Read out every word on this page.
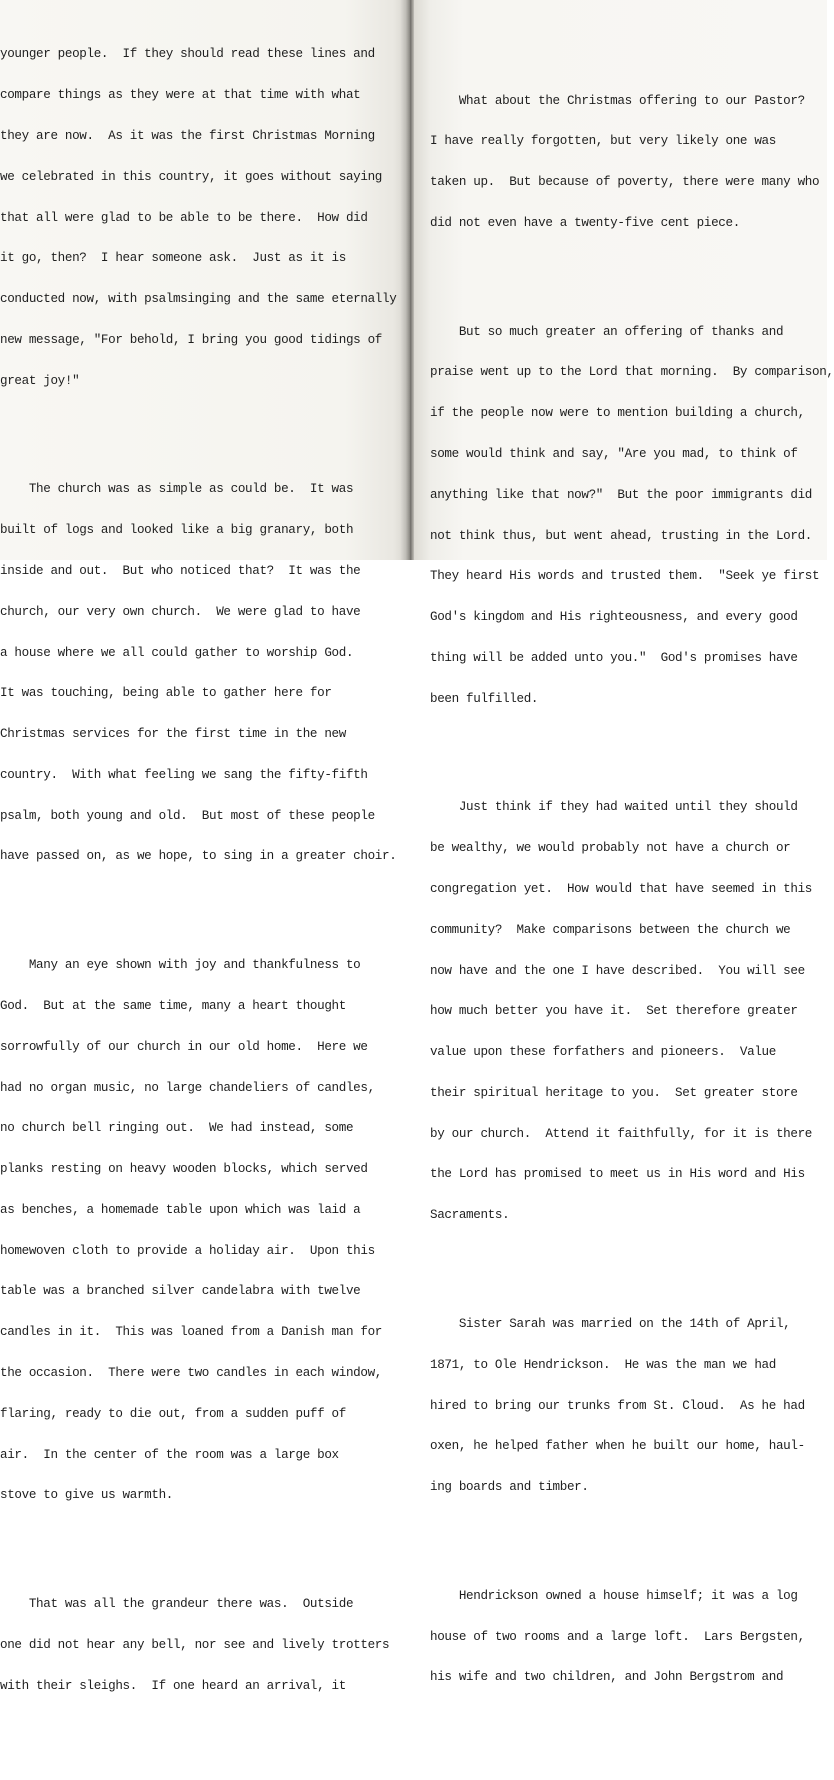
younger people.  If they should read these lines and

compare things as they were at that time with what

they are now.  As it was the first Christmas Morning

we celebrated in this country, it goes without saying

that all were glad to be able to be there.  How did

it go, then?  I hear someone ask.  Just as it is

conducted now, with psalmsinging and the same eternally

new message, "For behold, I bring you good tidings of

great joy!"

The church was as simple as could be.  It was

built of logs and looked like a big granary, both

inside and out.  But who noticed that?  It was the

church, our very own church.  We were glad to have

a house where we all could gather to worship God.

It was touching, being able to gather here for

Christmas services for the first time in the new

country.  With what feeling we sang the fifty-fifth

psalm, both young and old.  But most of these people

have passed on, as we hope, to sing in a greater choir.

Many an eye shown with joy and thankfulness to

God.  But at the same time, many a heart thought

sorrowfully of our church in our old home.  Here we

had no organ music, no large chandeliers of candles,

no church bell ringing out.  We had instead, some

planks resting on heavy wooden blocks, which served

as benches, a homemade table upon which was laid a

homewoven cloth to provide a holiday air.  Upon this

table was a branched silver candelabra with twelve

candles in it.  This was loaned from a Danish man for

the occasion.  There were two candles in each window,

flaring, ready to die out, from a sudden puff of

air.  In the center of the room was a large box

stove to give us warmth.

That was all the grandeur there was.  Outside

one did not hear any bell, nor see and lively trotters

with their sleighs.  If one heard an arrival, it

What about the Christmas offering to our Pastor?

I have really forgotten, but very likely one was

taken up.  But because of poverty, there were many who

did not even have a twenty-five cent piece.

But so much greater an offering of thanks and

praise went up to the Lord that morning.  By comparison,

if the people now were to mention building a church,

some would think and say, "Are you mad, to think of

anything like that now?"  But the poor immigrants did

not think thus, but went ahead, trusting in the Lord.

They heard His words and trusted them.  "Seek ye first

God's kingdom and His righteousness, and every good

thing will be added unto you."  God's promises have

been fulfilled.

Just think if they had waited until they should

be wealthy, we would probably not have a church or

congregation yet.  How would that have seemed in this

community?  Make comparisons between the church we

now have and the one I have described.  You will see

how much better you have it.  Set therefore greater

value upon these forfathers and pioneers.  Value

their spiritual heritage to you.  Set greater store

by our church.  Attend it faithfully, for it is there

the Lord has promised to meet us in His word and His

Sacraments.

Sister Sarah was married on the 14th of April,

1871, to Ole Hendrickson.  He was the man we had

hired to bring our trunks from St. Cloud.  As he had

oxen, he helped father when he built our home, haul-

ing boards and timber.

Hendrickson owned a house himself; it was a log

house of two rooms and a large loft.  Lars Bergsten,

his wife and two children, and John Bergstrom and
